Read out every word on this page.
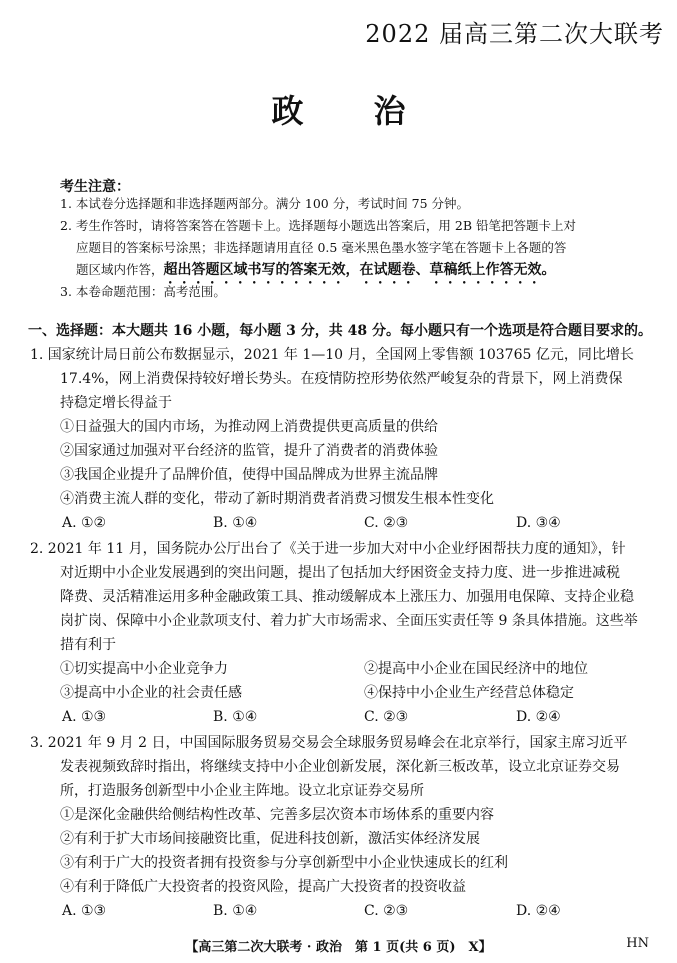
2022 届高三第二次大联考
政 治
考生注意：
1. 本试卷分选择题和非选择题两部分。满分 100 分，考试时间 75 分钟。
2. 考生作答时，请将答案答在答题卡上。选择题每小题选出答案后，用 2B 铅笔把答题卡上对
应题目的答案标号涂黑；非选择题请用直径 0.5 毫米黑色墨水签字笔在答题卡上各题的答
题区域内作答，超出答题区域书写的答案无效，在试题卷、草稿纸上作答无效。
3. 本卷命题范围：高考范围。
一、选择题：本大题共 16 小题，每小题 3 分，共 48 分。每小题只有一个选项是符合题目要求的。
1. 国家统计局日前公布数据显示，2021 年 1—10 月，全国网上零售额 103765 亿元，同比增长
17.4%，网上消费保持较好增长势头。在疫情防控形势依然严峻复杂的背景下，网上消费保
持稳定增长得益于
①日益强大的国内市场，为推动网上消费提供更高质量的供给
②国家通过加强对平台经济的监管，提升了消费者的消费体验
③我国企业提升了品牌价值，使得中国品牌成为世界主流品牌
④消费主流人群的变化，带动了新时期消费者消费习惯发生根本性变化
A. ①②	B. ①④	C. ②③	D. ③④
2. 2021 年 11 月，国务院办公厅出台了《关于进一步加大对中小企业纾困帮扶力度的通知》，针
对近期中小企业发展遇到的突出问题，提出了包括加大纾困资金支持力度、进一步推进减税
降费、灵活精准运用多种金融政策工具、推动缓解成本上涨压力、加强用电保障、支持企业稳
岗扩岗、保障中小企业款项支付、着力扩大市场需求、全面压实责任等 9 条具体措施。这些举
措有利于
①切实提高中小企业竞争力	②提高中小企业在国民经济中的地位
③提高中小企业的社会责任感	④保持中小企业生产经营总体稳定
A. ①③	B. ①④	C. ②③	D. ②④
3. 2021 年 9 月 2 日，中国国际服务贸易交易会全球服务贸易峰会在北京举行，国家主席习近平
发表视频致辞时指出，将继续支持中小企业创新发展，深化新三板改革，设立北京证券交易
所，打造服务创新型中小企业主阵地。设立北京证券交易所
①是深化金融供给侧结构性改革、完善多层次资本市场体系的重要内容
②有利于扩大市场间接融资比重，促进科技创新，激活实体经济发展
③有利于广大的投资者拥有投资参与分享创新型中小企业快速成长的红利
④有利于降低广大投资者的投资风险，提高广大投资者的投资收益
A. ①③	B. ①④	C. ②③	D. ②④
【高三第二次大联考 · 政治　第 1 页(共 6 页)　X】	HN
